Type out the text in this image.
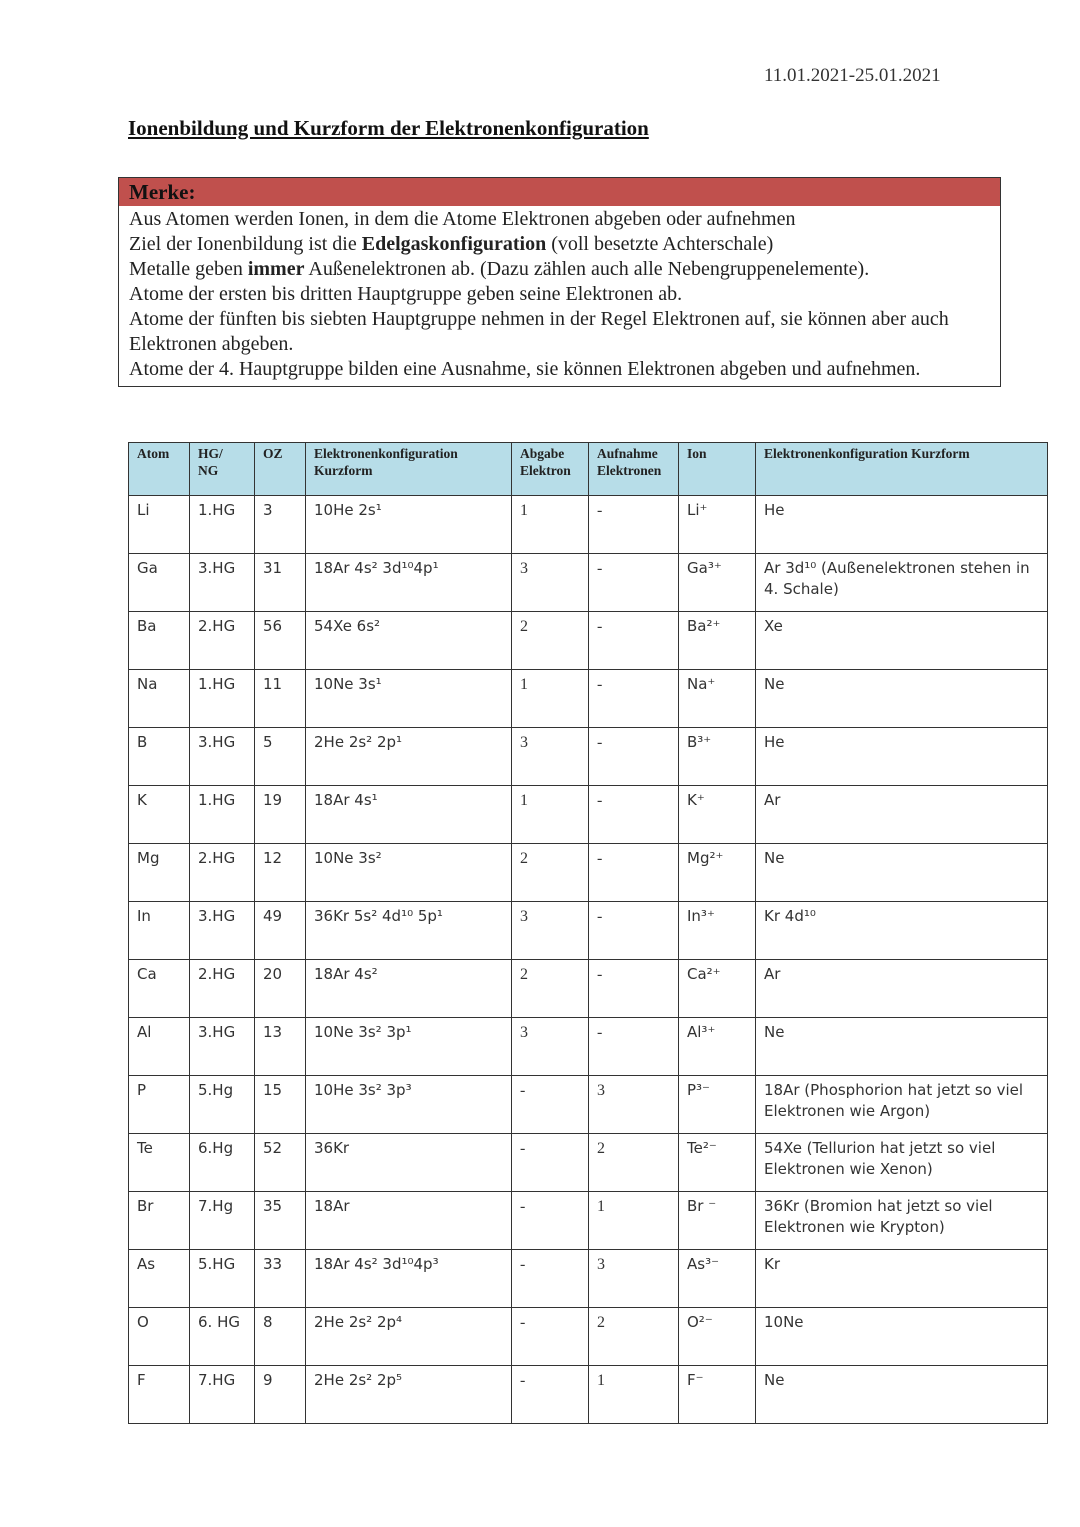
11.01.2021-25.01.2021
Ionenbildung und Kurzform der Elektronenkonfiguration
Merke:
Aus Atomen werden Ionen, in dem die Atome Elektronen abgeben oder aufnehmen
Ziel der Ionenbildung ist die Edelgaskonfiguration (voll besetzte Achterschale)
Metalle geben immer Außenelektronen ab. (Dazu zählen auch alle Nebengruppenelemente).
Atome der ersten bis dritten Hauptgruppe geben seine Elektronen ab.
Atome der fünften bis siebten Hauptgruppe nehmen in der Regel Elektronen auf, sie können aber auch Elektronen abgeben.
Atome der 4. Hauptgruppe bilden eine Ausnahme, sie können Elektronen abgeben und aufnehmen.
Atom	HG/ NG	OZ	Elektronenkonfiguration Kurzform	Abgabe Elektron	Aufnahme Elektronen	Ion	Elektronenkonfiguration Kurzform
Li	1.HG	3	10He 2s¹	1	-	Li⁺	He
Ga	3.HG	31	18Ar 4s² 3d¹⁰4p¹	3	-	Ga³⁺	Ar 3d¹⁰ (Außenelektronen stehen in 4. Schale)
Ba	2.HG	56	54Xe 6s²	2	-	Ba²⁺	Xe
Na	1.HG	11	10Ne 3s¹	1	-	Na⁺	Ne
B	3.HG	5	2He 2s² 2p¹	3	-	B³⁺	He
K	1.HG	19	18Ar 4s¹	1	-	K⁺	Ar
Mg	2.HG	12	10Ne 3s²	2	-	Mg²⁺	Ne
In	3.HG	49	36Kr 5s² 4d¹⁰ 5p¹	3	-	In³⁺	Kr 4d¹⁰
Ca	2.HG	20	18Ar 4s²	2	-	Ca²⁺	Ar
Al	3.HG	13	10Ne 3s² 3p¹	3	-	Al³⁺	Ne
P	5.Hg	15	10He 3s² 3p³	-	3	P³⁻	18Ar (Phosphorion hat jetzt so viel Elektronen wie Argon)
Te	6.Hg	52	36Kr	-	2	Te²⁻	54Xe (Tellurion hat jetzt so viel Elektronen wie Xenon)
Br	7.Hg	35	18Ar	-	1	Br ⁻	36Kr (Bromion hat jetzt so viel Elektronen wie Krypton)
As	5.HG	33	18Ar 4s² 3d¹⁰4p³	-	3	As³⁻	Kr
O	6. HG	8	2He 2s² 2p⁴	-	2	O²⁻	10Ne
F	7.HG	9	2He 2s² 2p⁵	-	1	F⁻	Ne
